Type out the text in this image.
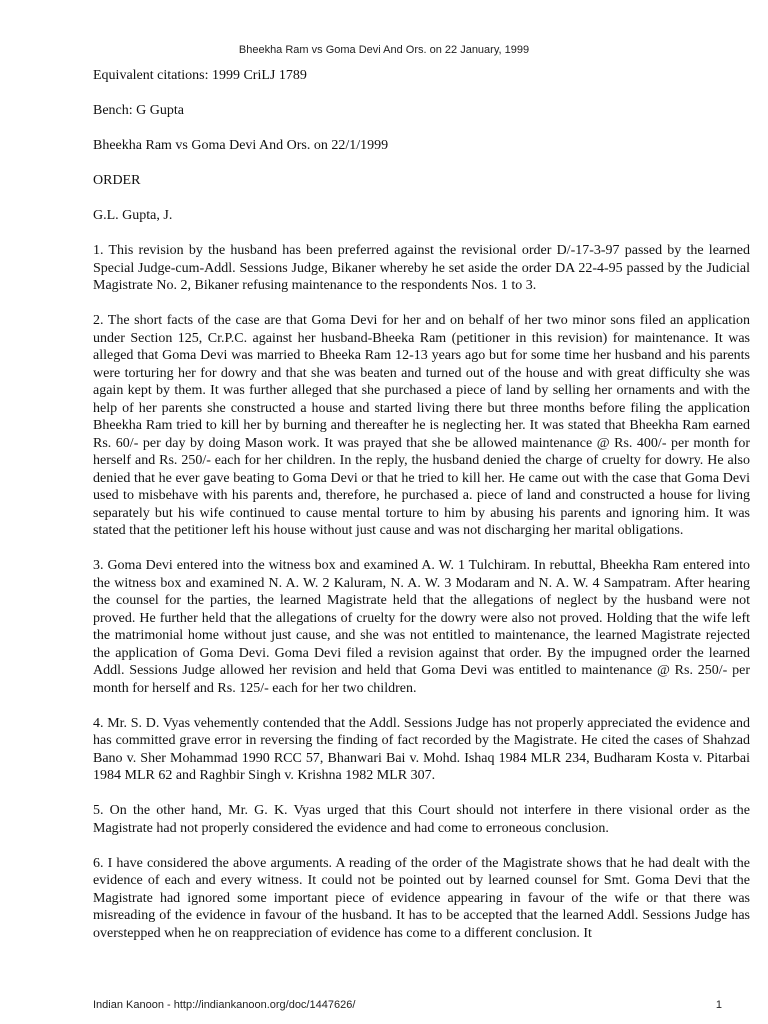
Bheekha Ram vs Goma Devi And Ors. on 22 January, 1999

Equivalent citations: 1999 CriLJ 1789

Bench: G Gupta

Bheekha Ram vs Goma Devi And Ors. on 22/1/1999

ORDER

G.L. Gupta, J.

1. This revision by the husband has been preferred against the revisional order D/-17-3-97 passed by the learned Special Judge-cum-Addl. Sessions Judge, Bikaner whereby he set aside the order DA 22-4-95 passed by the Judicial Magistrate No. 2, Bikaner refusing maintenance to the respondents Nos. 1 to 3.

2. The short facts of the case are that Goma Devi for her and on behalf of her two minor sons filed an application under Section 125, Cr.P.C. against her husband-Bheeka Ram (petitioner in this revision) for maintenance. It was alleged that Goma Devi was married to Bheeka Ram 12-13 years ago but for some time her husband and his parents were torturing her for dowry and that she was beaten and turned out of the house and with great difficulty she was again kept by them. It was further alleged that she purchased a piece of land by selling her ornaments and with the help of her parents she constructed a house and started living there but three months before filing the application Bheekha Ram tried to kill her by burning and thereafter he is neglecting her. It was stated that Bheekha Ram earned Rs. 60/- per day by doing Mason work. It was prayed that she be allowed maintenance @ Rs. 400/- per month for herself and Rs. 250/- each for her children. In the reply, the husband denied the charge of cruelty for dowry. He also denied that he ever gave beating to Goma Devi or that he tried to kill her. He came out with the case that Goma Devi used to misbehave with his parents and, therefore, he purchased a. piece of land and constructed a house for living separately but his wife continued to cause mental torture to him by abusing his parents and ignoring him. It was stated that the petitioner left his house without just cause and was not discharging her marital obligations.

3. Goma Devi entered into the witness box and examined A. W. 1 Tulchiram. In rebuttal, Bheekha Ram entered into the witness box and examined N. A. W. 2 Kaluram, N. A. W. 3 Modaram and N. A. W. 4 Sampatram. After hearing the counsel for the parties, the learned Magistrate held that the allegations of neglect by the husband were not proved. He further held that the allegations of cruelty for the dowry were also not proved. Holding that the wife left the matrimonial home without just cause, and she was not entitled to maintenance, the learned Magistrate rejected the application of Goma Devi. Goma Devi filed a revision against that order. By the impugned order the learned Addl. Sessions Judge allowed her revision and held that Goma Devi was entitled to maintenance @ Rs. 250/- per month for herself and Rs. 125/- each for her two children.

4. Mr. S. D. Vyas vehemently contended that the Addl. Sessions Judge has not properly appreciated the evidence and has committed grave error in reversing the finding of fact recorded by the Magistrate. He cited the cases of Shahzad Bano v. Sher Mohammad 1990 RCC 57, Bhanwari Bai v. Mohd. Ishaq 1984 MLR 234, Budharam Kosta v. Pitarbai 1984 MLR 62 and Raghbir Singh v. Krishna 1982 MLR 307.

5. On the other hand, Mr. G. K. Vyas urged that this Court should not interfere in there visional order as the Magistrate had not properly considered the evidence and had come to erroneous conclusion.

6. I have considered the above arguments. A reading of the order of the Magistrate shows that he had dealt with the evidence of each and every witness. It could not be pointed out by learned counsel for Smt. Goma Devi that the Magistrate had ignored some important piece of evidence appearing in favour of the wife or that there was misreading of the evidence in favour of the husband. It has to be accepted that the learned Addl. Sessions Judge has overstepped when he on reappreciation of evidence has come to a different conclusion. It

Indian Kanoon - http://indiankanoon.org/doc/1447626/	1
